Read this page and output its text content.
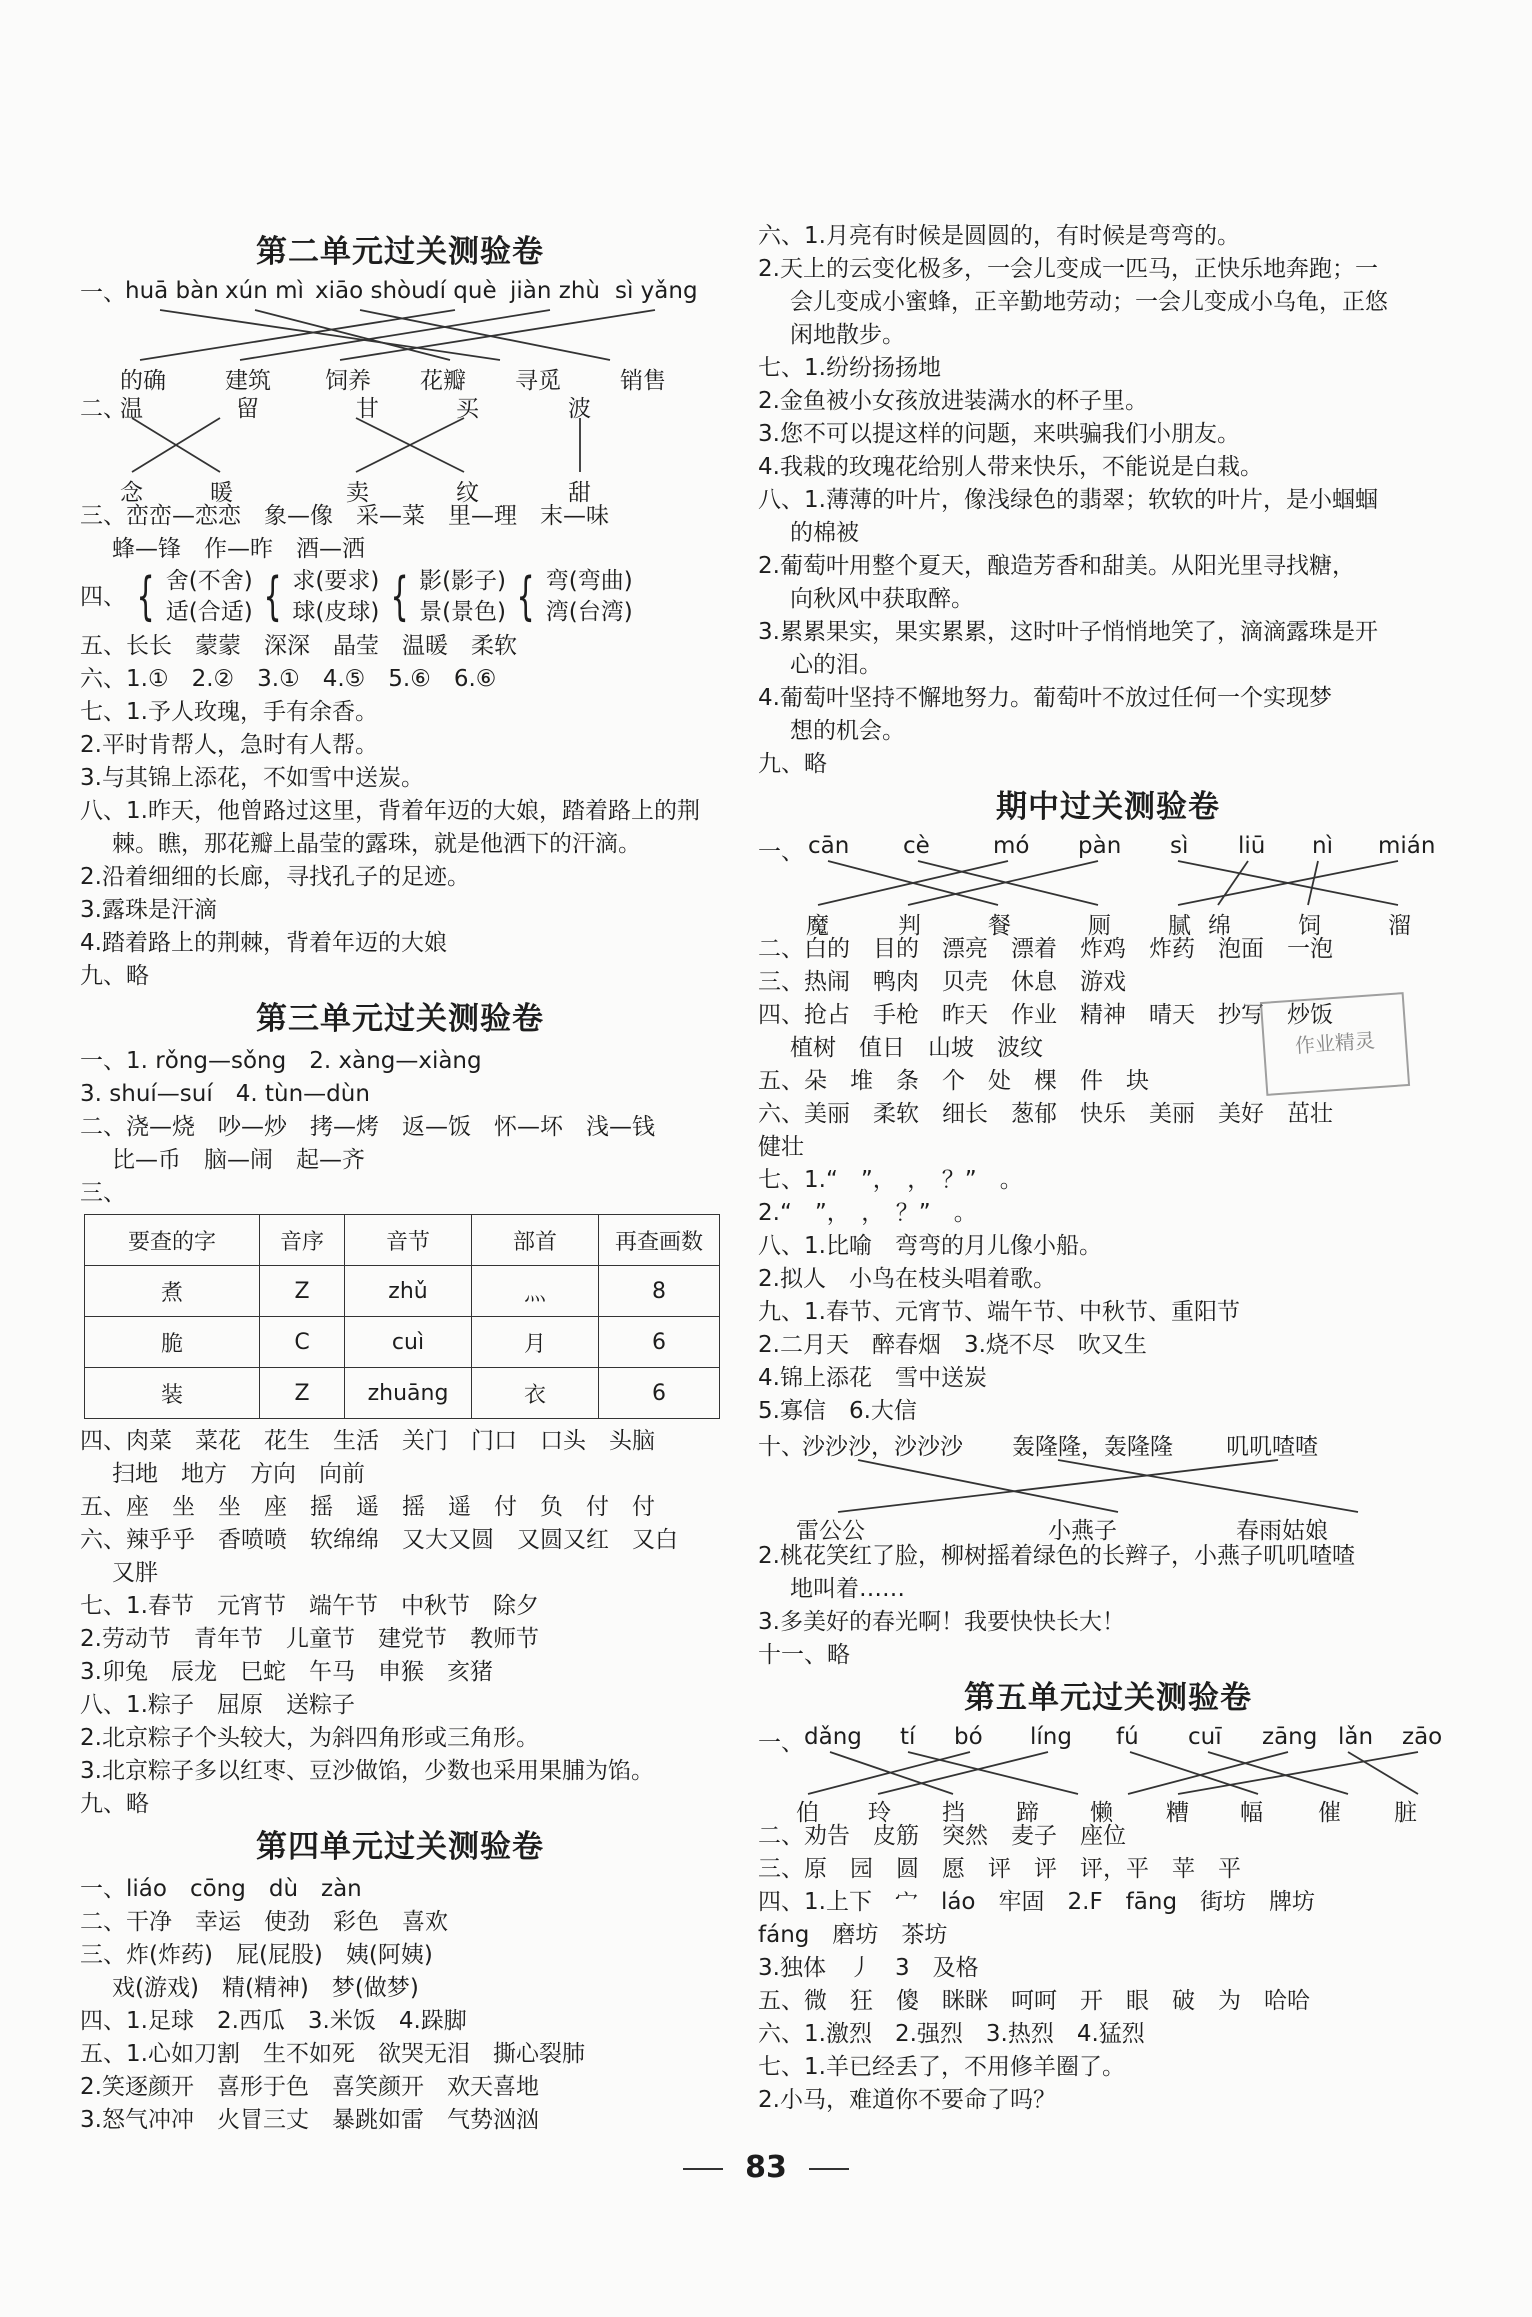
第二单元过关测验卷
一、 huā bàn xún mì xiāo shòu dí què jiàn zhù sì yǎng
的确	建筑 饲养 花瓣 寻觅	销售
二、
温	留	甘	买	波
念	暖	卖	纹	甜
三、峦峦—恋恋　象—像　采—菜　里—理　末—味
蜂—锋　作—昨　酒—洒
四、 { 舍(不舍)
适(合适) { 求(要求)
球(皮球) { 影(影子)
景(景色) { 弯(弯曲)
湾(台湾)
五、长长　蒙蒙　深深　晶莹　温暖　柔软
六、1.①　2.②　3.①　4.⑤　5.⑥　6.⑥
七、1.予人玫瑰，手有余香。
2.平时肯帮人，急时有人帮。
3.与其锦上添花，不如雪中送炭。
八、1.昨天，他曾路过这里，背着年迈的大娘，踏着路上的荆
棘。瞧，那花瓣上晶莹的露珠，就是他洒下的汗滴。
2.沿着细细的长廊，寻找孔子的足迹。
3.露珠是汗滴
4.踏着路上的荆棘，背着年迈的大娘
九、略
第三单元过关测验卷
一、1. rǒng—sǒng　2. xàng—xiàng
3. shuí—suí　4. tùn—dùn
二、浇—烧　吵—炒　拷—烤　返—饭　怀—坏　浅—钱
比—币　脑—闹　起—齐
三、
要查的字	音序	音节	部首	再查画数
煮	Z	zhǔ	灬	8
脆	C	cuì	月	6
装	Z	zhuāng	衣	6
四、肉菜　菜花　花生　生活　关门　门口　口头　头脑
扫地　地方　方向　向前
五、座　坐　坐　座　摇　遥　摇　遥　付　负　付　付
六、辣乎乎　香喷喷　软绵绵　又大又圆　又圆又红　又白
又胖
七、1.春节　元宵节　端午节　中秋节　除夕
2.劳动节　青年节　儿童节　建党节　教师节
3.卯兔　辰龙　巳蛇　午马　申猴　亥猪
八、1.粽子　屈原　送粽子
2.北京粽子个头较大，为斜四角形或三角形。
3.北京粽子多以红枣、豆沙做馅，少数也采用果脯为馅。
九、略
第四单元过关测验卷
一、liáo　cōng　dù　zàn
二、干净　幸运　使劲　彩色　喜欢
三、炸(炸药)　屁(屁股)　姨(阿姨)
戏(游戏)　精(精神)　梦(做梦)
四、1.足球　2.西瓜　3.米饭　4.跺脚
五、1.心如刀割　生不如死　欲哭无泪　撕心裂肺
2.笑逐颜开　喜形于色　喜笑颜开　欢天喜地
3.怒气冲冲　火冒三丈　暴跳如雷　气势汹汹
六、1.月亮有时候是圆圆的，有时候是弯弯的。
2.天上的云变化极多，一会儿变成一匹马，正快乐地奔跑；一
会儿变成小蜜蜂，正辛勤地劳动；一会儿变成小乌龟，正悠
闲地散步。
七、1.纷纷扬扬地
2.金鱼被小女孩放进装满水的杯子里。
3.您不可以提这样的问题，来哄骗我们小朋友。
4.我栽的玫瑰花给别人带来快乐，不能说是白栽。
八、1.薄薄的叶片，像浅绿色的翡翠；软软的叶片，是小蝈蝈
的棉被
2.葡萄叶用整个夏天，酿造芳香和甜美。从阳光里寻找糖，
向秋风中获取醉。
3.累累果实，果实累累，这时叶子悄悄地笑了，滴滴露珠是开
心的泪。
4.葡萄叶坚持不懈地努力。葡萄叶不放过任何一个实现梦
想的机会。
九、略
期中过关测验卷
一、 cān cè	mó pàn sì liū nì mián
魔	判	餐	厕 腻 绵	饲	溜
二、白的　目的　漂亮　漂着　炸鸡　炸药　泡面　一泡
三、热闹　鸭肉　贝壳　休息　游戏
四、抢占　手枪　昨天　作业　精神　晴天　抄写　炒饭
植树　值日　山坡　波纹
五、朵　堆　条　个　处　棵　件　块
六、美丽　柔软　细长　葱郁　快乐　美丽　美好　茁壮
健壮
七、1.“　”，　，　？”　。
2.“　”，　，　？”　。
八、1.比喻　弯弯的月儿像小船。
2.拟人　小鸟在枝头唱着歌。
九、1.春节、元宵节、端午节、中秋节、重阳节
2.二月天　醉春烟　3.烧不尽　吹又生
4.锦上添花　雪中送炭
5.寡信　6.大信
十、
沙沙沙，沙沙沙 轰隆隆，轰隆隆 叽叽喳喳
雷公公	小燕子	春雨姑娘
2.桃花笑红了脸，柳树摇着绿色的长辫子，小燕子叽叽喳喳
地叫着……
3.多美好的春光啊！我要快快长大！
十一、略
第五单元过关测验卷
一、 dǎng tí bó líng fú cuī zāng lǎn zāo
伯 玲 挡 蹄 懒 糟 幅 催 脏
二、劝告　皮筋　突然　麦子　座位
三、原　园　圆　愿　评　评　评，平　苹　平
四、1.上下　宀　láo　牢固　2.F　fāng　街坊　牌坊
fáng　磨坊　茶坊
3.独体　丿　3　及格
五、微　狂　傻　眯眯　呵呵　开　眼　破　为　哈哈
六、1.激烈　2.强烈　3.热烈　4.猛烈
七、1.羊已经丢了，不用修羊圈了。
2.小马，难道你不要命了吗？
作业精灵
83
